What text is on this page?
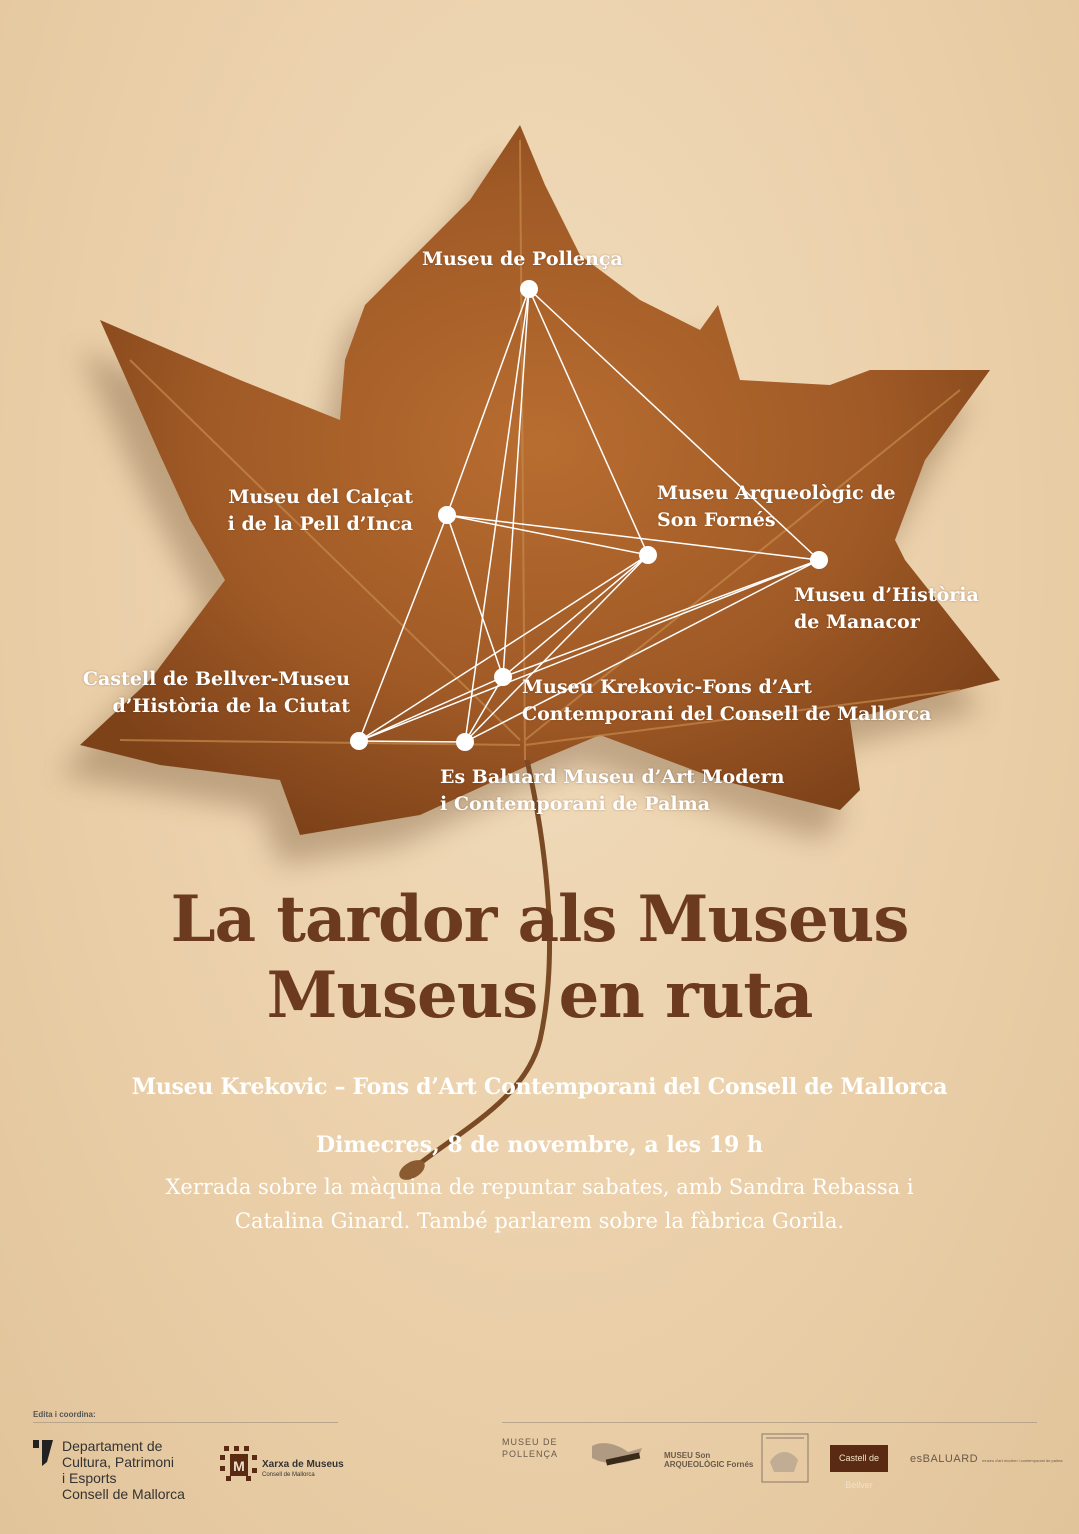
Museu de Pollença

Museu del Calçat
i de la Pell d’Inca

Museu Arqueològic de
Son Fornés

Museu d’Història
de Manacor

Castell de Bellver-Museu
d’Història de la Ciutat

Museu Krekovic-Fons d’Art
Contemporani del Consell de Mallorca

Es Baluard Museu d’Art Modern
i Contemporani de Palma

La tardor als Museus
Museus en ruta

Museu Krekovic – Fons d’Art Contemporani del Consell de Mallorca

Dimecres, 8 de novembre, a les 19 h

Xerrada sobre la màquina de repuntar sabates, amb Sandra Rebassa i
Catalina Ginard. També parlarem sobre la fàbrica Gorila.

Edita i coordina:
Departament de
Cultura, Patrimoni
i Esports
Consell de Mallorca
M Xarxa de Museus
Consell de Mallorca
MUSEU DE
POLLENÇA	MUSEU Son
ARQUEOLÒGIC Fornés
Castell de Bellver
esBALUARD museu d'art modern i contemporani de palma
